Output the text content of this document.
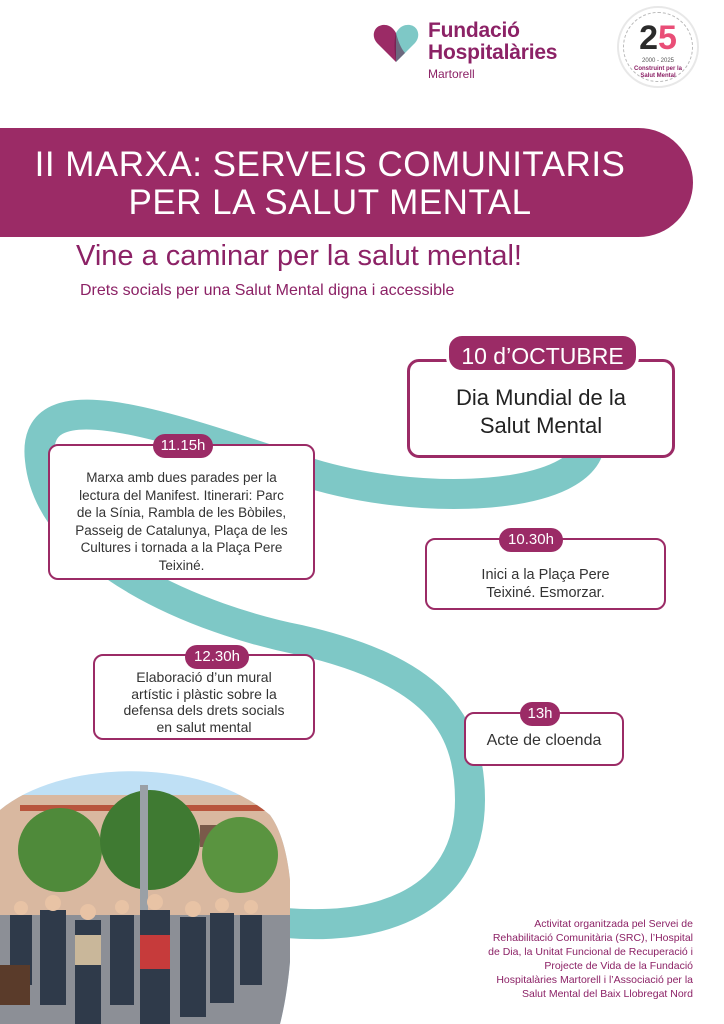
Fundació
Hospitalàries
Martorell
25
2000 - 2025
Construint per la
Salut Mental
II MARXA: SERVEIS COMUNITARIS
PER LA SALUT MENTAL
Vine a caminar per la salut mental!
Drets socials per una Salut Mental digna i accessible
Dia Mundial de la
Salut Mental
10 d’OCTUBRE
Marxa amb dues parades per la
lectura del Manifest. Itinerari: Parc
de la Sínia, Rambla de les Bòbiles,
Passeig de Catalunya, Plaça de les
Cultures i tornada a la Plaça Pere
Teixiné.
11.15h
Inici a la Plaça Pere
Teixiné. Esmorzar.
10.30h
Elaboració d’un mural
artístic i plàstic sobre la
defensa dels drets socials
en salut mental
12.30h
Acte de cloenda
13h
Activitat organitzada pel Servei de
Rehabilitació Comunitària (SRC), l’Hospital
de Dia, la Unitat Funcional de Recuperació i
Projecte de Vida de la Fundació
Hospitalàries Martorell i l’Associació per la
Salut Mental del Baix Llobregat Nord
